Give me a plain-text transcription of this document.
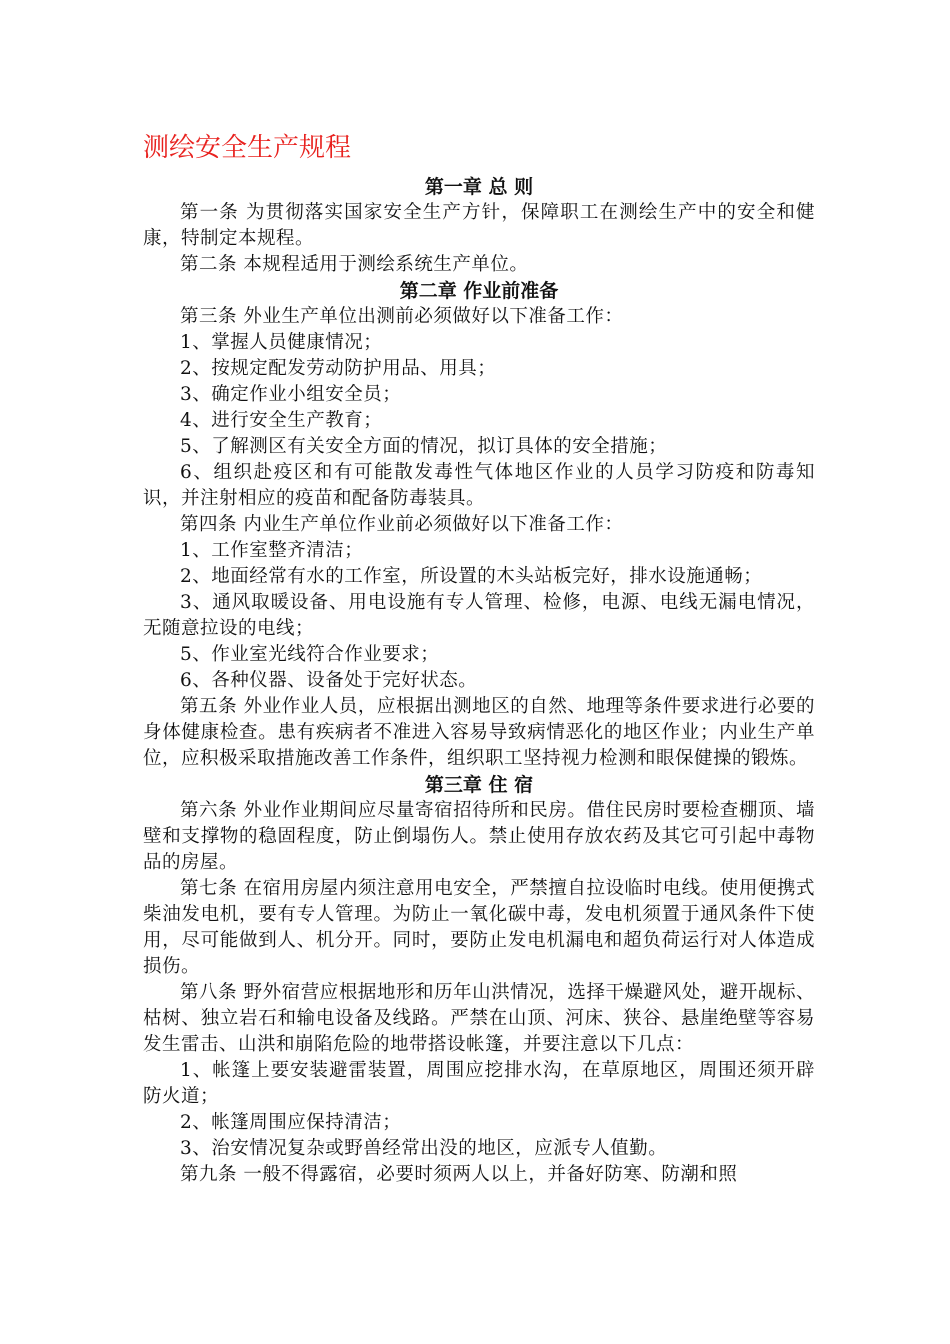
测绘安全生产规程
第一章 总 则

第一条 为贯彻落实国家安全生产方针，保障职工在测绘生产中的安全和健康，特制定本规程。

第二条 本规程适用于测绘系统生产单位。

第二章 作业前准备

第三条 外业生产单位出测前必须做好以下准备工作：

1、掌握人员健康情况；

2、按规定配发劳动防护用品、用具；

3、确定作业小组安全员；

4、进行安全生产教育；

5、了解测区有关安全方面的情况，拟订具体的安全措施；

6、组织赴疫区和有可能散发毒性气体地区作业的人员学习防疫和防毒知识，并注射相应的疫苗和配备防毒装具。

第四条 内业生产单位作业前必须做好以下准备工作：

1、工作室整齐清洁；

2、地面经常有水的工作室，所设置的木头站板完好，排水设施通畅；

3、通风取暖设备、用电设施有专人管理、检修，电源、电线无漏电情况，无随意拉设的电线；

5、作业室光线符合作业要求；

6、各种仪器、设备处于完好状态。

第五条 外业作业人员，应根据出测地区的自然、地理等条件要求进行必要的身体健康检查。患有疾病者不准进入容易导致病情恶化的地区作业；内业生产单位，应积极采取措施改善工作条件，组织职工坚持视力检测和眼保健操的锻炼。

第三章 住 宿

第六条 外业作业期间应尽量寄宿招待所和民房。借住民房时要检查棚顶、墙壁和支撑物的稳固程度，防止倒塌伤人。禁止使用存放农药及其它可引起中毒物品的房屋。

第七条 在宿用房屋内须注意用电安全，严禁擅自拉设临时电线。使用便携式柴油发电机，要有专人管理。为防止一氧化碳中毒，发电机须置于通风条件下使用，尽可能做到人、机分开。同时，要防止发电机漏电和超负荷运行对人体造成损伤。

第八条 野外宿营应根据地形和历年山洪情况，选择干燥避风处，避开觇标、枯树、独立岩石和输电设备及线路。严禁在山顶、河床、狭谷、悬崖绝壁等容易发生雷击、山洪和崩陷危险的地带搭设帐篷，并要注意以下几点：

1、帐篷上要安装避雷装置，周围应挖排水沟，在草原地区，周围还须开辟防火道；

2、帐篷周围应保持清洁；

3、治安情况复杂或野兽经常出没的地区，应派专人值勤。

第九条 一般不得露宿，必要时须两人以上，并备好防寒、防潮和照
